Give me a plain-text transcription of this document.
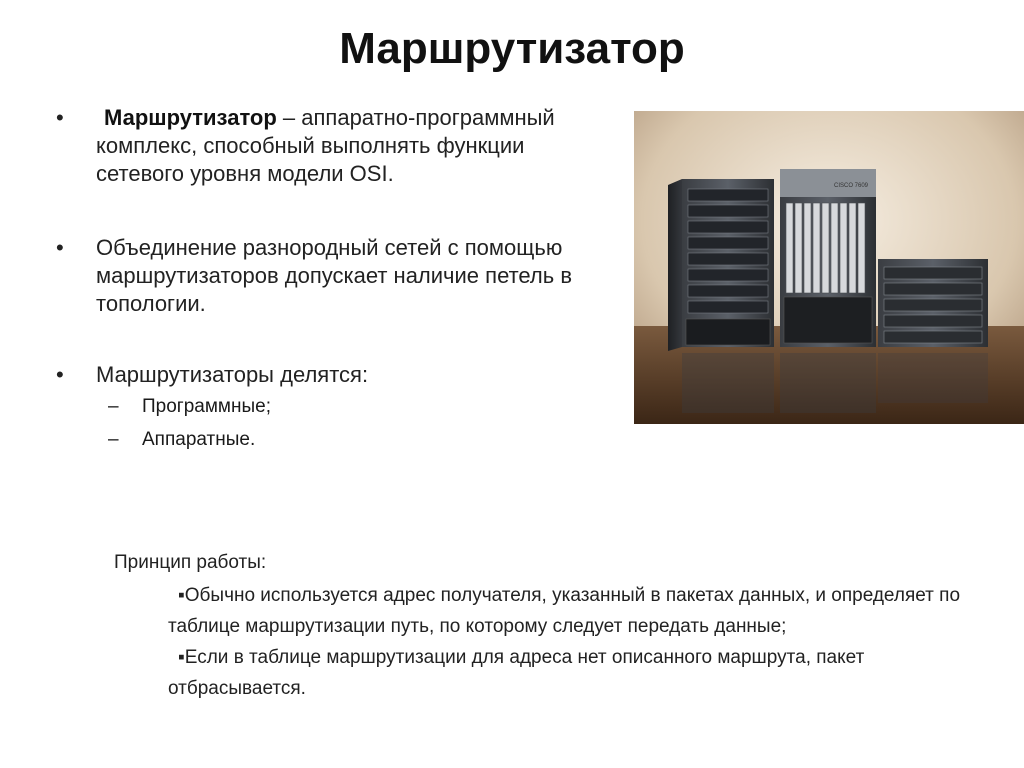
Маршрутизатор
• Маршрутизатор – аппаратно-программный комплекс, способный выполнять функции сетевого уровня модели OSI.
• Объединение разнородный сетей с помощью маршрутизаторов допускает наличие петель в топологии.
• Маршрутизаторы делятся:
– Программные;
– Аппаратные.
CISCO 7609
Принцип работы:
▪Обычно используется адрес получателя, указанный в пакетах данных, и определяет по таблице маршрутизации путь, по которому следует передать данные;
▪Если в таблице маршрутизации для адреса нет описанного маршрута, пакет отбрасывается.
